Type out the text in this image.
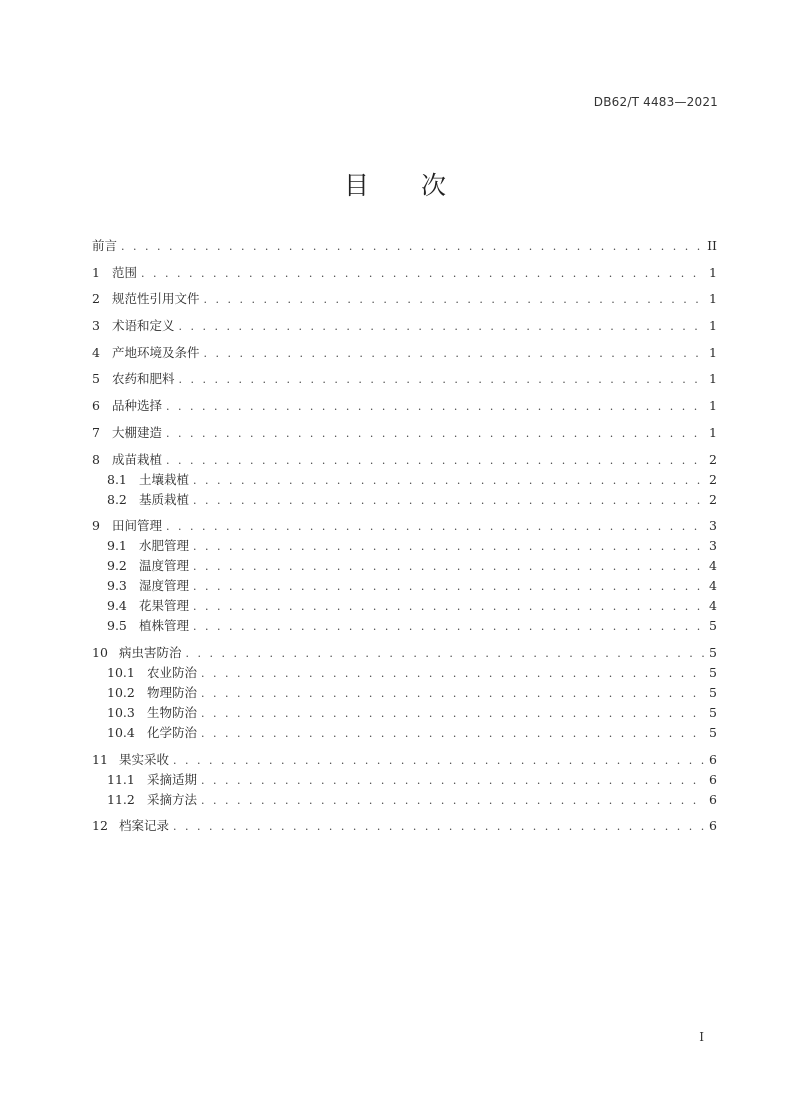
DB62/T 4483—2021
目 次
前言 . . .	II
1 范围 . . .	1
2 规范性引用文件 . . .	1
3 术语和定义 . . .	1
4 产地环境及条件 . . .	1
5 农药和肥料 . . .	1
6 品种选择 . . .	1
7 大棚建造 . . .	1
8 成苗栽植 . . .	2
8.1 土壤栽植 . . .	2
8.2 基质栽植 . . .	2
9 田间管理 . . .	3
9.1 水肥管理 . . .	3
9.2 温度管理 . . .	4
9.3 湿度管理 . . .	4
9.4 花果管理 . . .	4
9.5 植株管理 . . .	5
10 病虫害防治 . . .	5
10.1 农业防治 . . .	5
10.2 物理防治 . . .	5
10.3 生物防治 . . .	5
10.4 化学防治 . . .	5
11 果实采收 . . .	6
11.1 采摘适期 . . .	6
11.2 采摘方法 . . .	6
12 档案记录 . . .	6
I
